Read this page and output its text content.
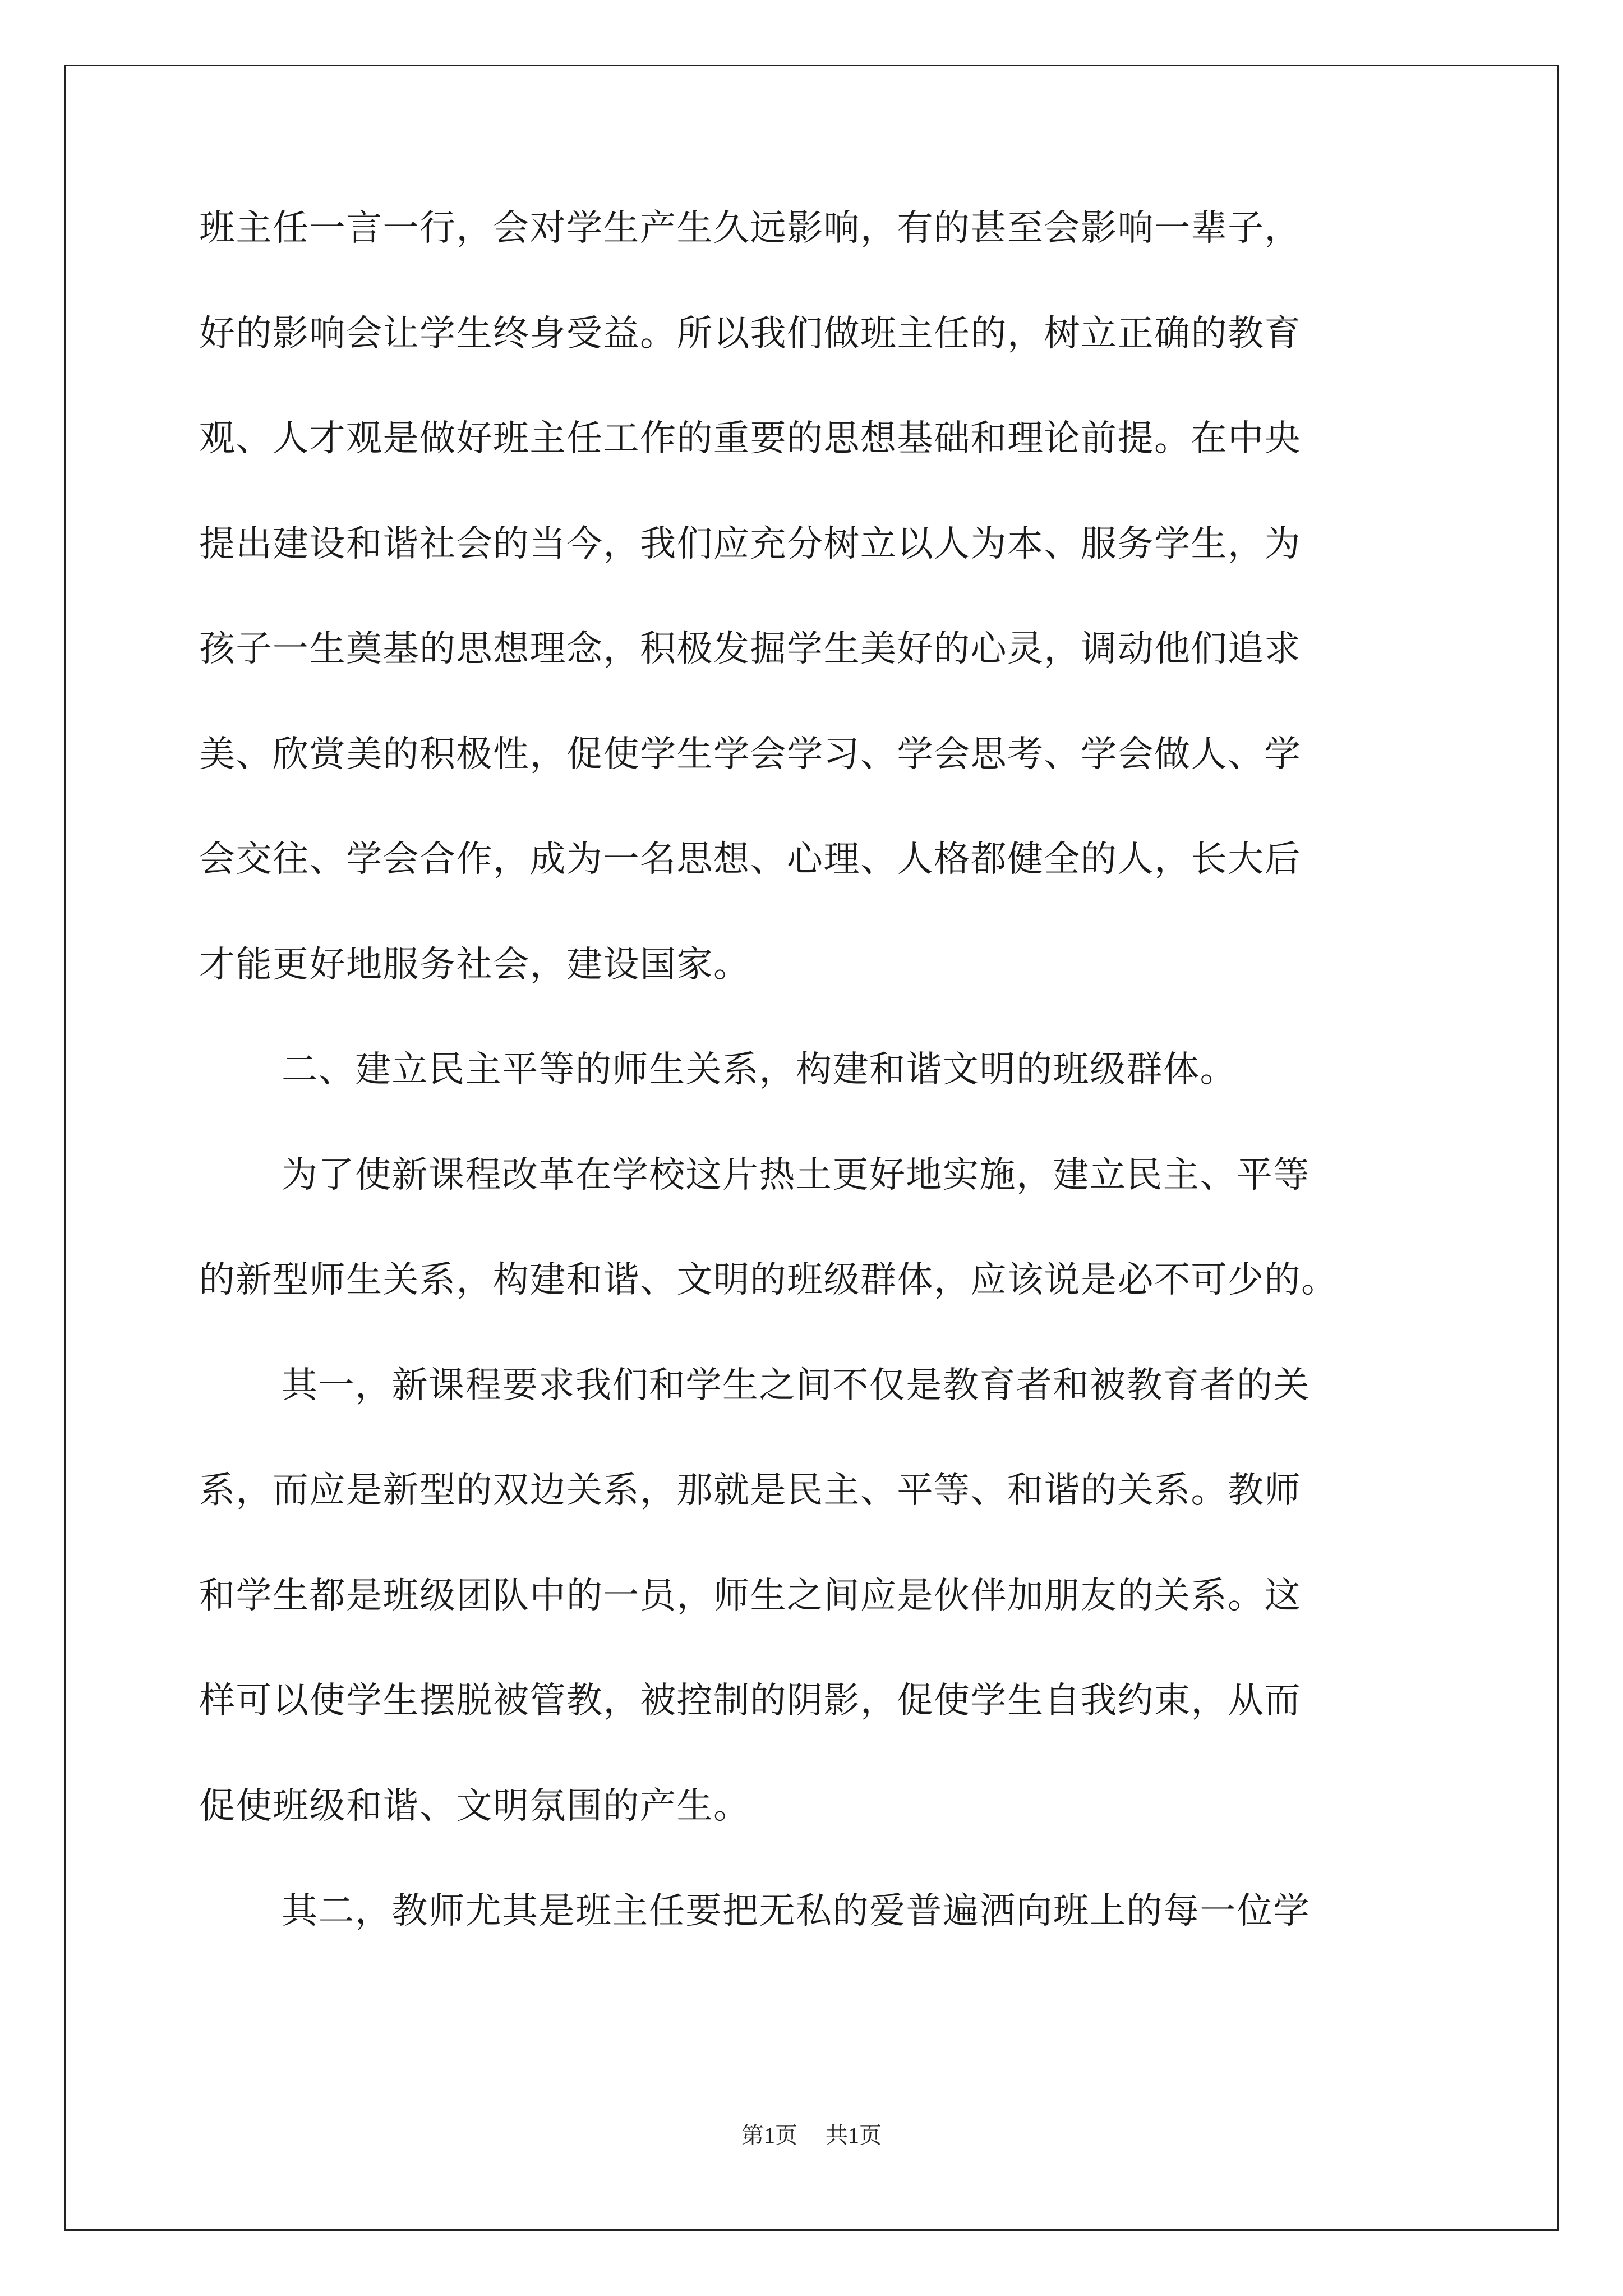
班主任一言一行，会对学生产生久远影响，有的甚至会影响一辈子，
好的影响会让学生终身受益。所以我们做班主任的，树立正确的教育
观、人才观是做好班主任工作的重要的思想基础和理论前提。在中央
提出建设和谐社会的当今，我们应充分树立以人为本、服务学生，为
孩子一生奠基的思想理念，积极发掘学生美好的心灵，调动他们追求
美、欣赏美的积极性，促使学生学会学习、学会思考、学会做人、学
会交往、学会合作，成为一名思想、心理、人格都健全的人，长大后
才能更好地服务社会，建设国家。
二、建立民主平等的师生关系，构建和谐文明的班级群体。
为了使新课程改革在学校这片热土更好地实施，建立民主、平等
的新型师生关系，构建和谐、文明的班级群体，应该说是必不可少的。
其一，新课程要求我们和学生之间不仅是教育者和被教育者的关
系，而应是新型的双边关系，那就是民主、平等、和谐的关系。教师
和学生都是班级团队中的一员，师生之间应是伙伴加朋友的关系。这
样可以使学生摆脱被管教，被控制的阴影，促使学生自我约束，从而
促使班级和谐、文明氛围的产生。
其二，教师尤其是班主任要把无私的爱普遍洒向班上的每一位学
第1页 共1页
